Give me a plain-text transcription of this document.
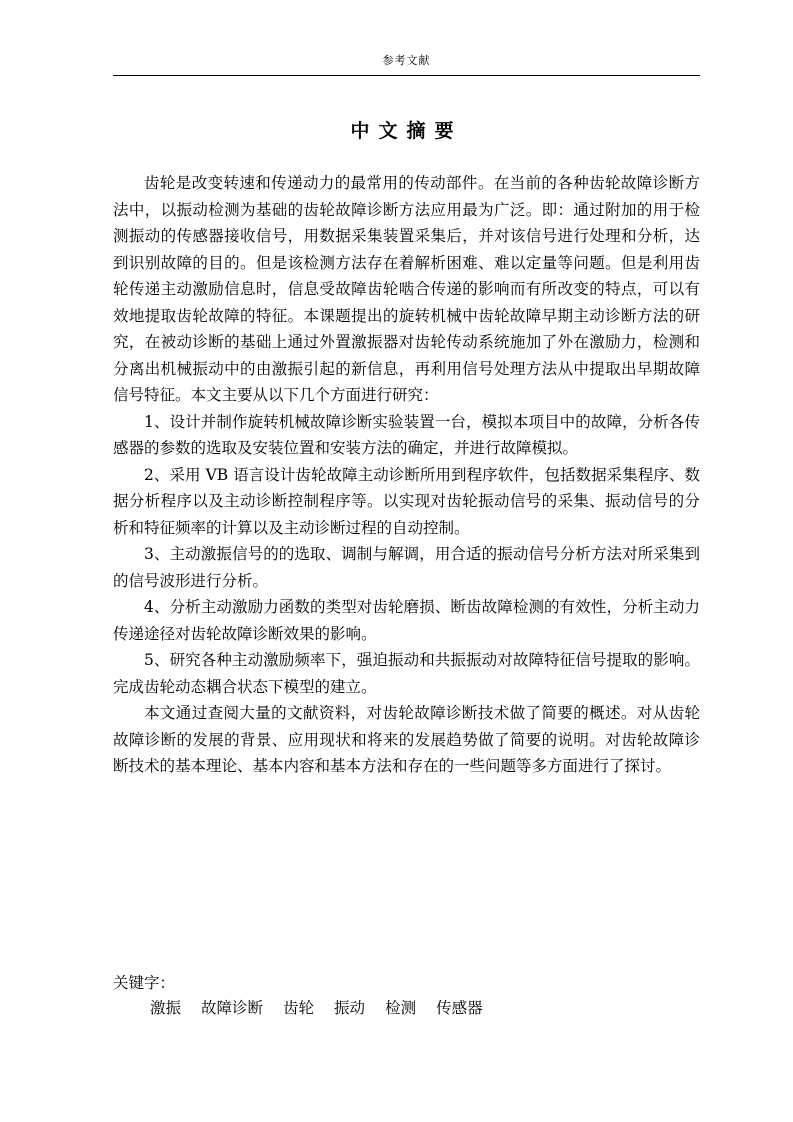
参考文献
中文摘要

齿轮是改变转速和传递动力的最常用的传动部件。在当前的各种齿轮故障诊断方法中，以振动检测为基础的齿轮故障诊断方法应用最为广泛。即：通过附加的用于检测振动的传感器接收信号，用数据采集装置采集后，并对该信号进行处理和分析，达到识别故障的目的。但是该检测方法存在着解析困难、难以定量等问题。但是利用齿轮传递主动激励信息时，信息受故障齿轮啮合传递的影响而有所改变的特点，可以有效地提取齿轮故障的特征。本课题提出的旋转机械中齿轮故障早期主动诊断方法的研究，在被动诊断的基础上通过外置激振器对齿轮传动系统施加了外在激励力，检测和分离出机械振动中的由激振引起的新信息，再利用信号处理方法从中提取出早期故障信号特征。本文主要从以下几个方面进行研究：

1、设计并制作旋转机械故障诊断实验装置一台，模拟本项目中的故障，分析各传感器的参数的选取及安装位置和安装方法的确定，并进行故障模拟。

2、采用 VB 语言设计齿轮故障主动诊断所用到程序软件，包括数据采集程序、数据分析程序以及主动诊断控制程序等。以实现对齿轮振动信号的采集、振动信号的分析和特征频率的计算以及主动诊断过程的自动控制。

3、主动激振信号的的选取、调制与解调，用合适的振动信号分析方法对所采集到的信号波形进行分析。

4、分析主动激励力函数的类型对齿轮磨损、断齿故障检测的有效性，分析主动力传递途径对齿轮故障诊断效果的影响。

5、研究各种主动激励频率下，强迫振动和共振振动对故障特征信号提取的影响。完成齿轮动态耦合状态下模型的建立。

本文通过查阅大量的文献资料，对齿轮故障诊断技术做了简要的概述。对从齿轮故障诊断的发展的背景、应用现状和将来的发展趋势做了简要的说明。对齿轮故障诊断技术的基本理论、基本内容和基本方法和存在的一些问题等多方面进行了探讨。

关键字：
激振 故障诊断 齿轮 振动 检测 传感器
